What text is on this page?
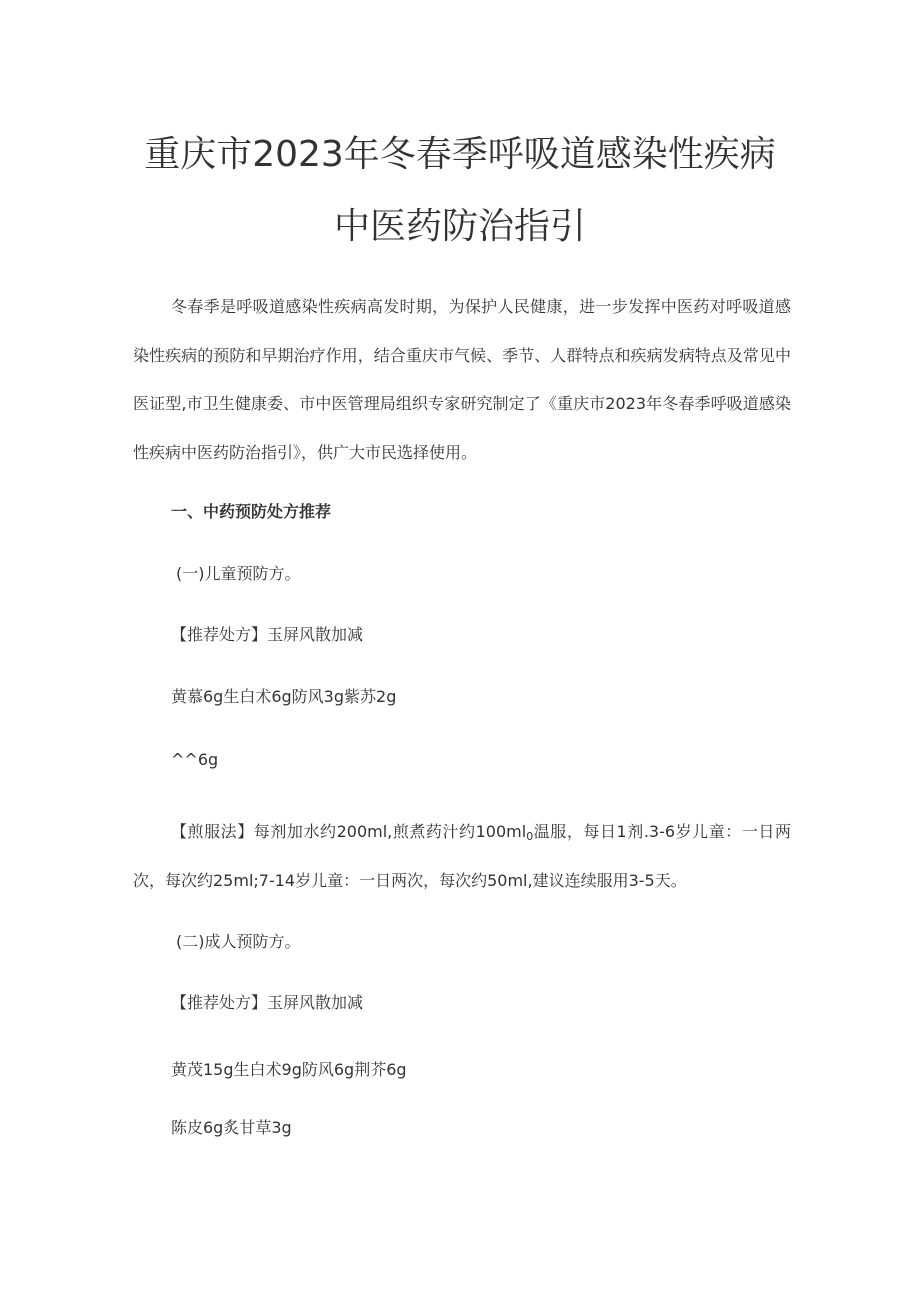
重庆市2023年冬春季呼吸道感染性疾病
中医药防治指引

冬春季是呼吸道感染性疾病高发时期，为保护人民健康，进一步发挥中医药对呼吸道感染性疾病的预防和早期治疗作用，结合重庆市气候、季节、人群特点和疾病发病特点及常见中医证型,市卫生健康委、市中医管理局组织专家研究制定了《重庆市2023年冬春季呼吸道感染性疾病中医药防治指引》，供广大市民选择使用。

一、中药预防处方推荐

(一)儿童预防方。

【推荐处方】玉屏风散加减

黄慕6g生白术6g防风3g紫苏2g

^^6g

【煎服法】每剂加水约200ml,煎煮药汁约$100ml_0$温服，每日1剂.3-6岁儿童：一日两次，每次约25ml;7-14岁儿童：一日两次，每次约50ml,建议连续服用3-5天。

(二)成人预防方。

【推荐处方】玉屏风散加减

黄茂15g生白术9g防风6g荆芥6g

陈皮6g炙甘草3g
